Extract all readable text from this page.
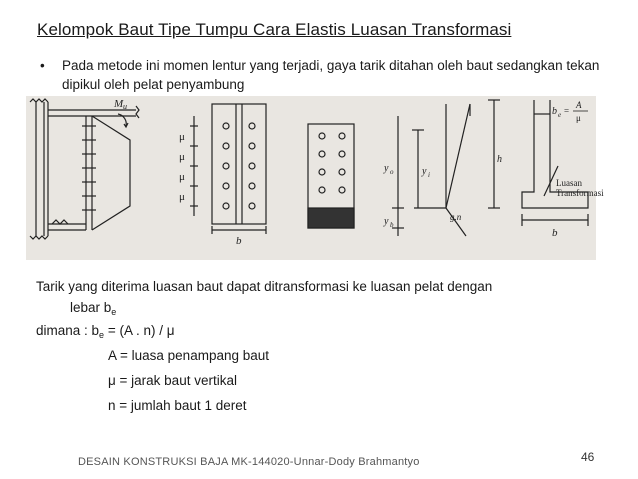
Kelompok Baut Tipe Tumpu Cara Elastis Luasan Transformasi
• Pada metode ini momen lentur yang terjadi, gaya tarik ditahan oleh baut sedangkan tekan dipikul oleh pelat penyambung
M u
μ
μ
μ
μ
b
y o	y i
y b
g.n
h
b
b e =
A
μ
Luasan
Transformasi
Tarik yang diterima luasan baut dapat ditransformasi ke luasan pelat dengan
lebar $b_e$
dimana : $b_e = (A$ . n) / μ
A = luasa penampang baut
μ = jarak baut vertikal
n = jumlah baut 1 deret
DESAIN KONSTRUKSI BAJA MK-144020-Unnar-Dody Brahmantyo	46
